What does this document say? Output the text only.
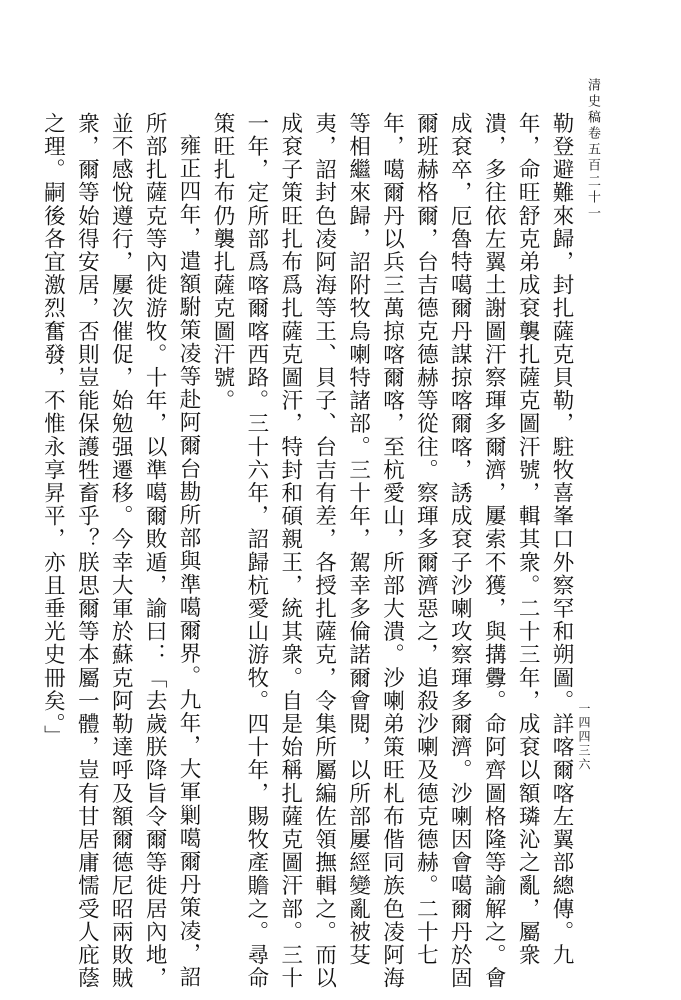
清史稿卷五百二十一
一四四三六

勒登避難來歸，封扎薩克貝勒，駐牧喜峯口外察罕和朔圖。詳喀爾喀左翼部總傳。九年，命旺舒克弟成袞襲扎薩克圖汗號，輯其衆。二十三年，成袞以額璘沁之亂，屬衆潰，多往依左翼土謝圖汗察琿多爾濟，屢索不獲，與搆釁。命阿齊圖格隆等諭解之。會成袞卒，厄魯特噶爾丹謀掠喀爾喀，誘成袞子沙喇攻察琿多爾濟。沙喇因會噶爾丹於固爾班赫格爾，台吉德克德赫等從往。察琿多爾濟惡之，追殺沙喇及德克德赫。二十七年，噶爾丹以兵三萬掠喀爾喀，至杭愛山，所部大潰。沙喇弟策旺札布偕同族色凌阿海等相繼來歸，詔附牧烏喇特諸部。三十年，駕幸多倫諾爾會閱，以所部屢經變亂被芟夷，詔封色凌阿海等王、貝子、台吉有差，各授扎薩克，令集所屬編佐領撫輯之。而以成袞子策旺扎布爲扎薩克圖汗，特封和碩親王，統其衆。自是始稱扎薩克圖汗部。三十一年，定所部爲喀爾喀西路。三十六年，詔歸杭愛山游牧。四十年，賜牧產贍之。尋命策旺扎布仍襲扎薩克圖汗號。

雍正四年，遣額駙策凌等赴阿爾台勘所部與準噶爾界。九年，大軍剿噶爾丹策凌，詔所部扎薩克等內徙游牧。十年，以準噶爾敗遁，諭曰：「去歲朕降旨令爾等徙居內地，並不感悅遵行，屢次催促，始勉强遷移。今幸大軍於蘇克阿勒達呼及額爾德尼昭兩敗賊衆，爾等始得安居，否則豈能保護牲畜乎？朕思爾等本屬一體，豈有甘居庸懦受人庇蔭之理。嗣後各宜激烈奮發，不惟永享昇平，亦且垂光史冊矣。」
